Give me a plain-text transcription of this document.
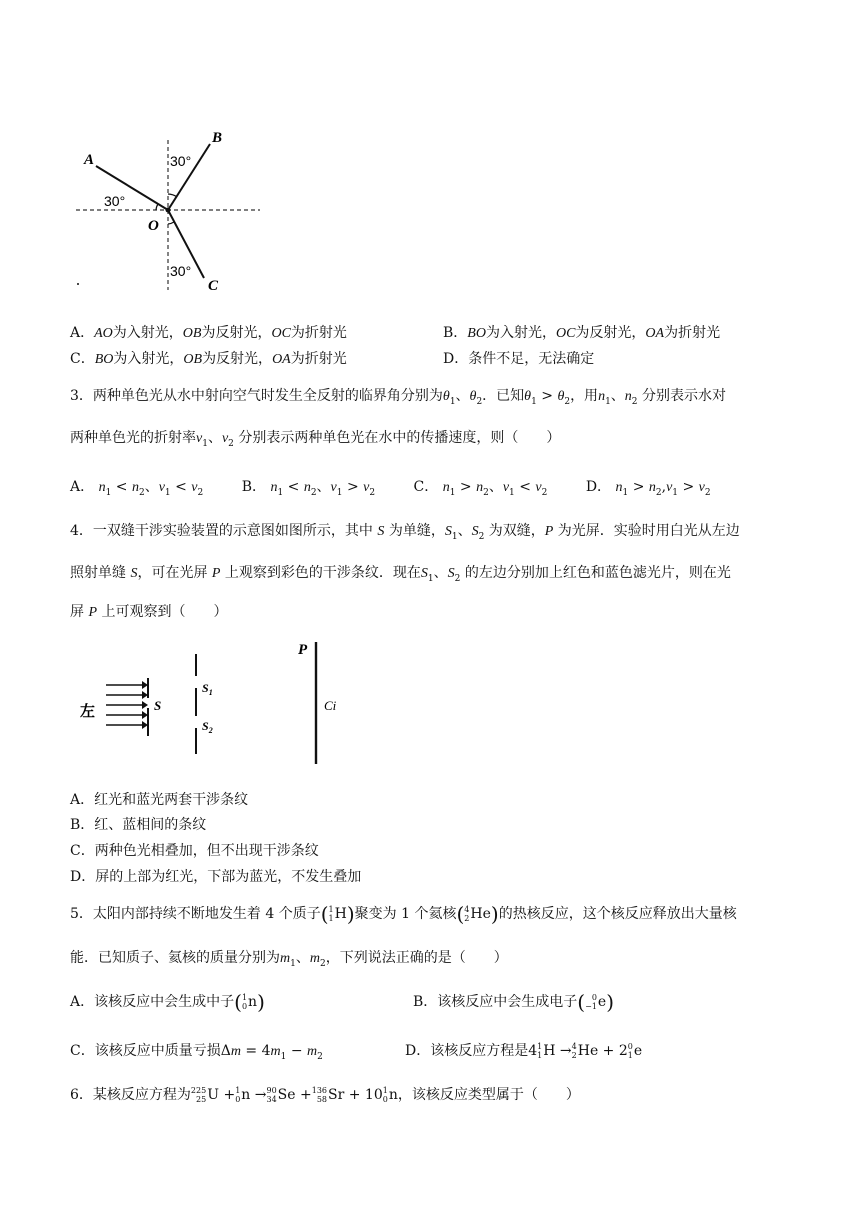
A
B
C
O
30°
30°
30°
A．AO为入射光，OB为反射光，OC为折射光	B．BO为入射光，OC为反射光，OA为折射光
C．BO为入射光，OB为反射光，OA为折射光	D．条件不足，无法确定
3．两种单色光从水中射向空气时发生全反射的临界角分别为$\theta_1$、$\theta_2$．已知$\theta_1 > \theta_2$，用$n_1$、$n_2$ 分别表示水对
两种单色光的折射率$v_1$、$v_2$ 分别表示两种单色光在水中的传播速度，则（　　）
A． $n_1 < n_2$、$v_1 < v_2$	B． $n_1 < n_2$、$v_1 > v_2$	C． $n_1 > n_2$、$v_1 < v_2$	D． $n_1 > n_2,v_1 > v_2$
4．一双缝干涉实验装置的示意图如图所示，其中 S 为单缝，$S_1$、$S_2$ 为双缝，P 为光屏．实验时用白光从左边
照射单缝 S，可在光屏 P 上观察到彩色的干涉条纹．现在$S_1$、$S_2$ 的左边分别加上红色和蓝色滤光片，则在光
屏 P 上可观察到（　　）
左	S
$S_1$
$S_2$
P
Ci
A．红光和蓝光两套干涉条纹
B．红、蓝相间的条纹
C．两种色光相叠加，但不出现干涉条纹
D．屏的上部为红光，下部为蓝光，不发生叠加
5．太阳内部持续不断地发生着 4 个质子( 1
1 H)聚变为 1 个氦核( 4
2 He)的热核反应，这个核反应释放出大量核
能．已知质子、氦核的质量分别为$m_1$、$m_2$，下列说法正确的是（　　）
A．该核反应中会生成中子( 1
0 n)	B．该核反应中会生成电子( 0
−1 e)
C．该核反应中质量亏损$\Delta m = 4m_1 - m_2$	D．该核反应方程是4 1
1 H → 4
2 He + 2 0
1 e
6．某核反应方程为 225
25 U + 1
0 n → 90
34 Se + 136
58 Sr + 10 1
0 n，该核反应类型属于（　　）
